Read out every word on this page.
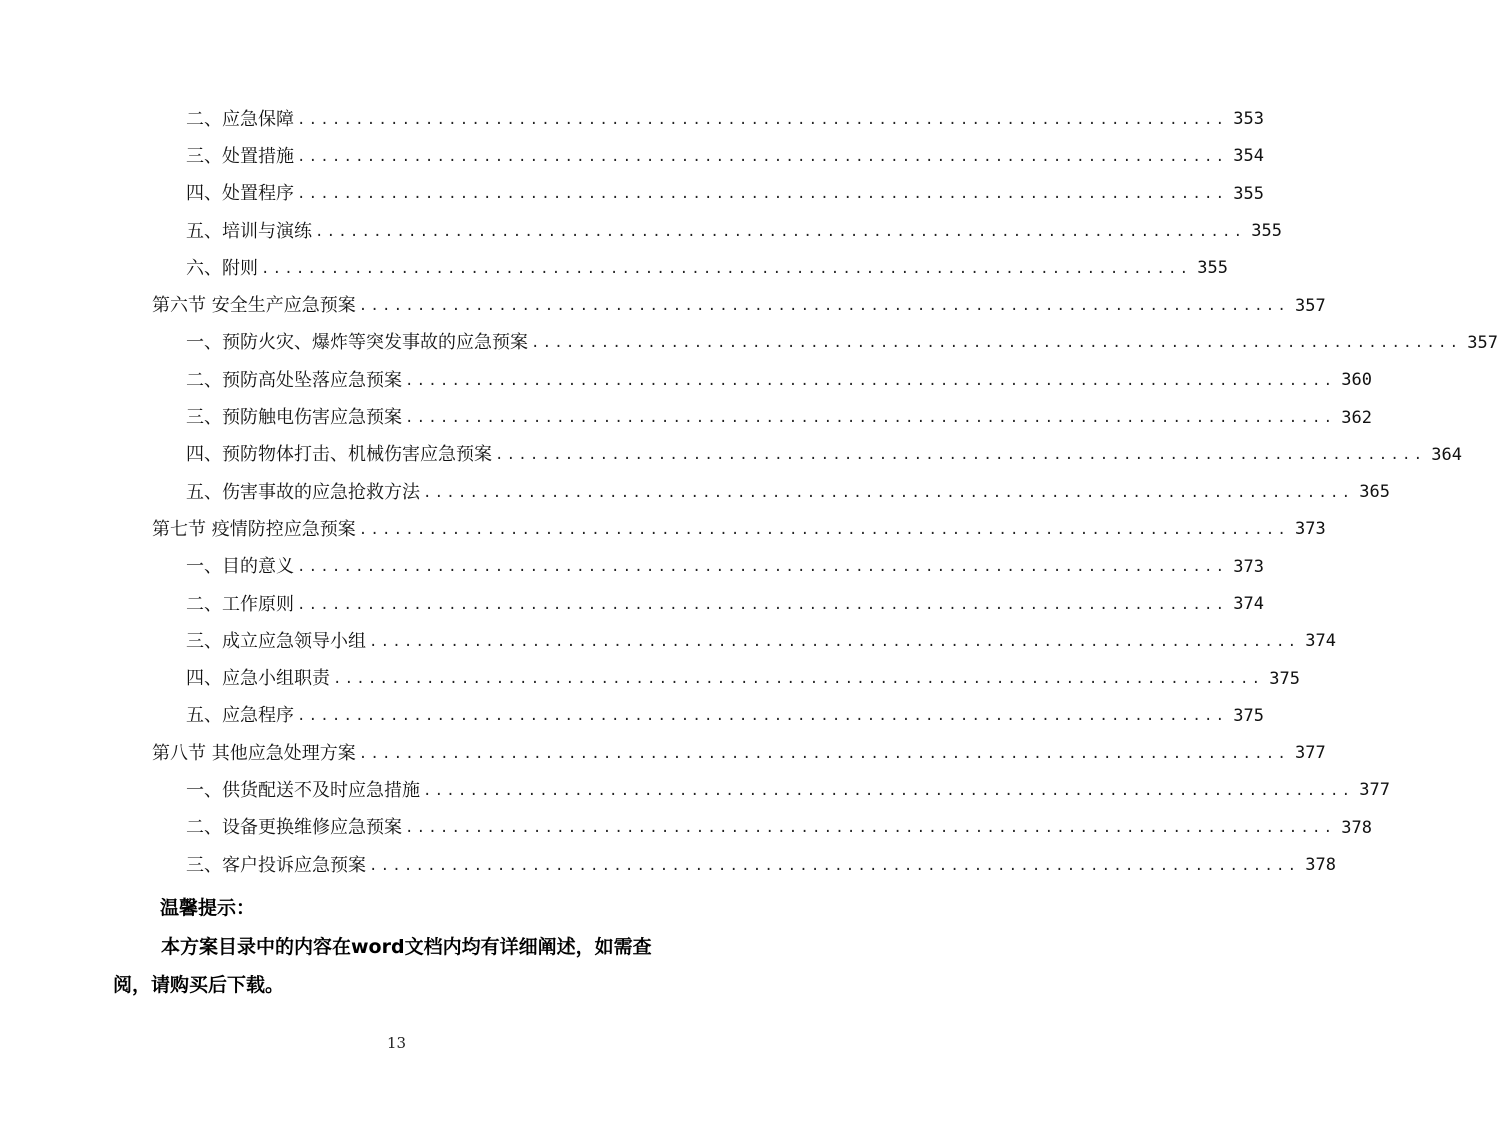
二、应急保障 ................................................................................ 353
三、处置措施 ................................................................................ 354
四、处置程序 ................................................................................ 355
五、培训与演练 ................................................................................ 355
六、附则 ................................................................................ 355
第六节 安全生产应急预案 ................................................................................ 357
一、预防火灾、爆炸等突发事故的应急预案 ................................................................................ 357
二、预防高处坠落应急预案 ................................................................................ 360
三、预防触电伤害应急预案 ................................................................................ 362
四、预防物体打击、机械伤害应急预案 ................................................................................ 364
五、伤害事故的应急抢救方法 ................................................................................ 365
第七节 疫情防控应急预案 ................................................................................ 373
一、目的意义 ................................................................................ 373
二、工作原则 ................................................................................ 374
三、成立应急领导小组 ................................................................................ 374
四、应急小组职责 ................................................................................ 375
五、应急程序 ................................................................................ 375
第八节 其他应急处理方案 ................................................................................ 377
一、供货配送不及时应急措施 ................................................................................ 377
二、设备更换维修应急预案 ................................................................................ 378
三、客户投诉应急预案 ................................................................................ 378
温馨提示：
本方案目录中的内容在word文档内均有详细阐述，如需查阅，请购买后下载。
13
